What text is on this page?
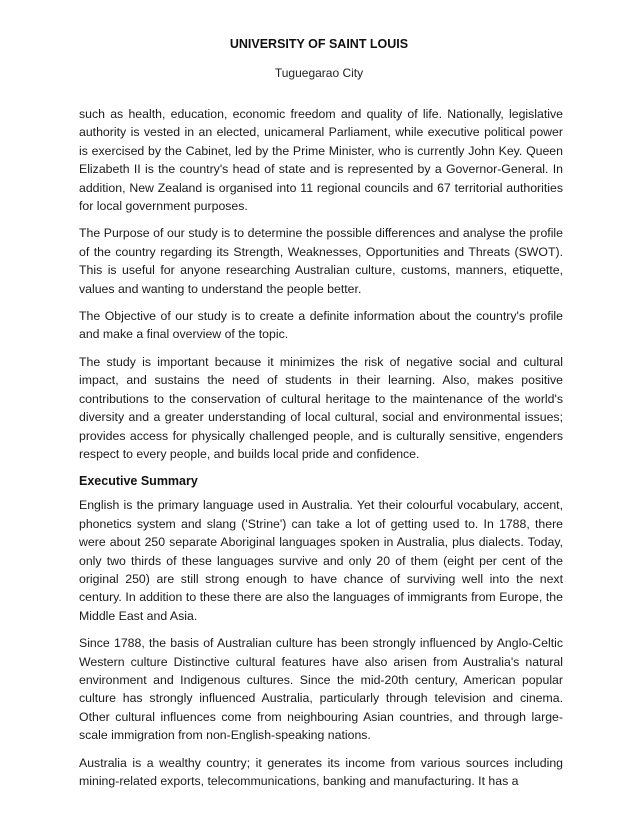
UNIVERSITY OF SAINT LOUIS

Tuguegarao City

such as health, education, economic freedom and quality of life. Nationally, legislative authority is vested in an elected, unicameral Parliament, while executive political power is exercised by the Cabinet, led by the Prime Minister, who is currently John Key. Queen Elizabeth II is the country's head of state and is represented by a Governor-General. In addition, New Zealand is organised into 11 regional councils and 67 territorial authorities for local government purposes.

The Purpose of our study is to determine the possible differences and analyse the profile of the country regarding its Strength, Weaknesses, Opportunities and Threats (SWOT). This is useful for anyone researching Australian culture, customs, manners, etiquette, values and wanting to understand the people better.

The Objective of our study is to create a definite information about the country's profile and make a final overview of the topic.

The study is important because it minimizes the risk of negative social and cultural impact, and sustains the need of students in their learning. Also, makes positive contributions to the conservation of cultural heritage to the maintenance of the world's diversity and a greater understanding of local cultural, social and environmental issues; provides access for physically challenged people, and is culturally sensitive, engenders respect to every people, and builds local pride and confidence.

Executive Summary

English is the primary language used in Australia. Yet their colourful vocabulary, accent, phonetics system and slang ('Strine') can take a lot of getting used to. In 1788, there were about 250 separate Aboriginal languages spoken in Australia, plus dialects. Today, only two thirds of these languages survive and only 20 of them (eight per cent of the original 250) are still strong enough to have chance of surviving well into the next century. In addition to these there are also the languages of immigrants from Europe, the Middle East and Asia.

Since 1788, the basis of Australian culture has been strongly influenced by Anglo-Celtic Western culture Distinctive cultural features have also arisen from Australia's natural environment and Indigenous cultures. Since the mid-20th century, American popular culture has strongly influenced Australia, particularly through television and cinema. Other cultural influences come from neighbouring Asian countries, and through large-scale immigration from non-English-speaking nations.

Australia is a wealthy country; it generates its income from various sources including mining-related exports, telecommunications, banking and manufacturing. It has a
